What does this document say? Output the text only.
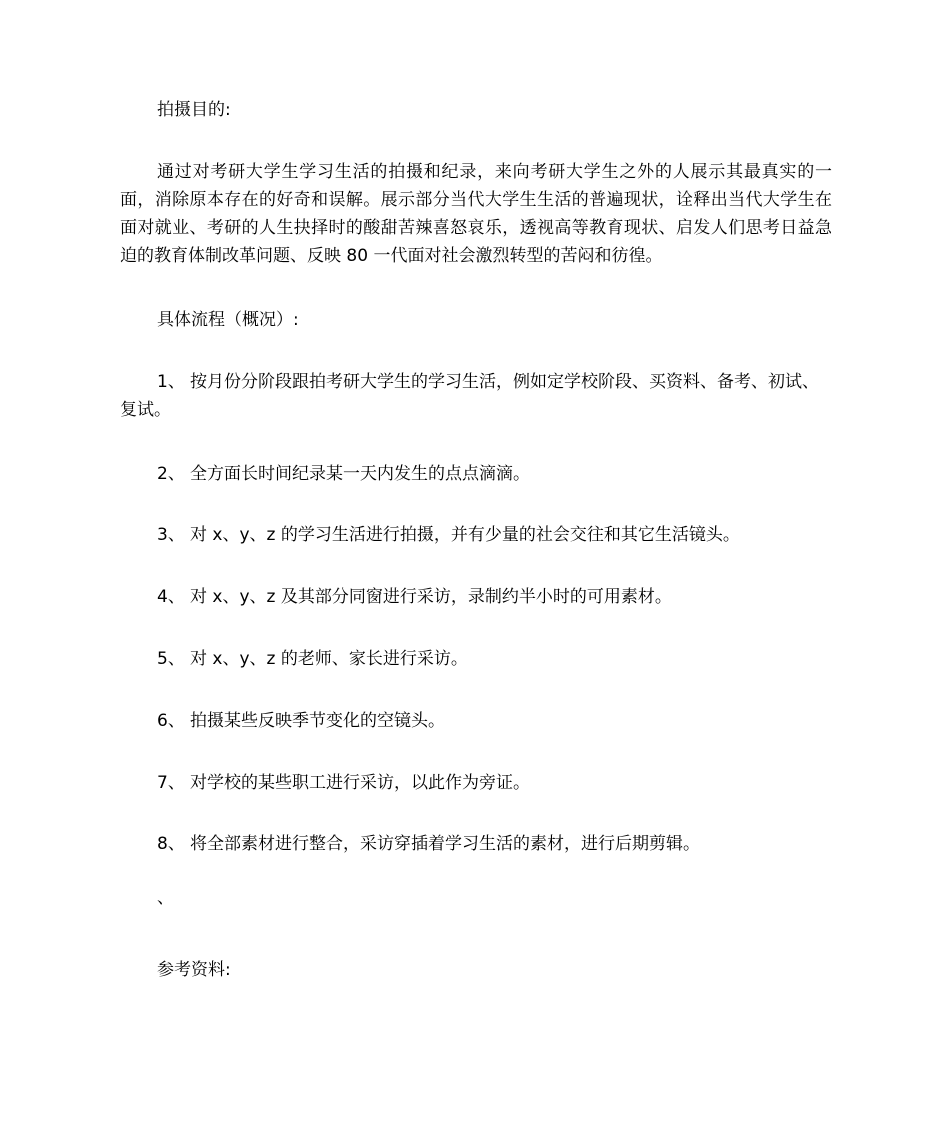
拍摄目的:
通过对考研大学生学习生活的拍摄和纪录，来向考研大学生之外的人展示其最真实的一面，消除原本存在的好奇和误解。展示部分当代大学生生活的普遍现状，诠释出当代大学生在面对就业、考研的人生抉择时的酸甜苦辣喜怒哀乐，透视高等教育现状、启发人们思考日益急迫的教育体制改革问题、反映 80 一代面对社会激烈转型的苦闷和彷徨。
具体流程（概况）:
1、 按月份分阶段跟拍考研大学生的学习生活，例如定学校阶段、买资料、备考、初试、复试。
2、 全方面长时间纪录某一天内发生的点点滴滴。
3、 对 x、y、z 的学习生活进行拍摄，并有少量的社会交往和其它生活镜头。
4、 对 x、y、z 及其部分同窗进行采访，录制约半小时的可用素材。
5、 对 x、y、z 的老师、家长进行采访。
6、 拍摄某些反映季节变化的空镜头。
7、 对学校的某些职工进行采访，以此作为旁证。
8、 将全部素材进行整合，采访穿插着学习生活的素材，进行后期剪辑。
、
参考资料:
